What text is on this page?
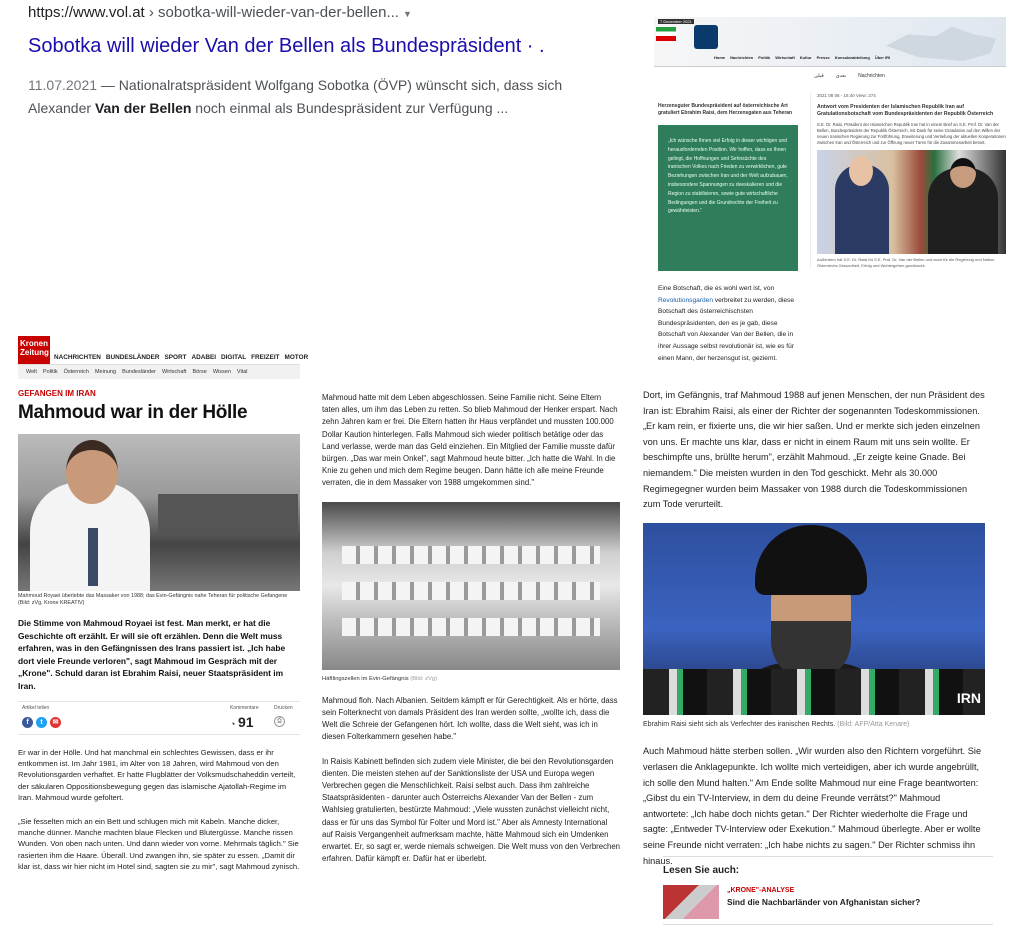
https://www.vol.at › sobotka-will-wieder-van-der-bellen... ▼
Sobotka will wieder Van der Bellen als Bundespräsident · .
11.07.2021 — Nationalratspräsident Wolfgang Sobotka (ÖVP) wünscht sich, dass sich Alexander Van der Bellen noch einmal als Bundespräsident zur Verfügung ...
7 December 2021
Home Nachrichten Politik Wirtschaft Kultur Presse Konsularabteilung Über IRI
قبلی بعدی Nachrichten
Herzensguter Bundespräsident auf österreichische Art gratuliert Ebrahim Raisi, dem Herzensgaten aus Teheran
„Ich wünsche Ihnen viel Erfolg in dieser wichtigen und herausfordernden Position. Wir hoffen, dass es Ihnen gelingt, die Hoffnungen und Sehnsüchte des iranischen Volkes nach Frieden zu verwirklichen, gute Beziehungen zwischen Iran und der Welt aufzubauen, insbesondere Spannungen zu deeskalieren und die Region zu stabilisieren, sowie gute wirtschaftliche Bedingungen und die Grundrechte der Freiheit zu gewährleisten.“
Eine Botschaft, die es wohl wert ist, von Revolutionsgarden verbreitet zu werden, diese Botschaft des österreichischsten Bundespräsidenten, den es je gab, diese Botschaft von Alexander Van der Bellen, die in ihrer Aussage selbst revolutionär ist, wie es für einen Mann, der herzensgut ist, geziemt.
2021 08 06 - 16:40 View: 274
Antwort vom Presidenten der Islamischen Republik Iran auf Gratulationsbotschaft vom Bundespräsidenten der Republik Österreich
S.E. Dr. Raisi, Präsident der Islamischen Republik Iran hat in einem Brief an S.E. Prof. Dr. Van der Bellen, Bundespräsident der Republik Österreich, mit Dank für seine Gratulation auf den Willen der neuen Iranischen Regierung zur Fortführung, Erweiterung und Vertiefung der aktuellen Kooperationen zwischen Iran und Österreich und zur Öffnung neuer Türen für die Zusammenarbeit betont.
Außerdem hat S.E. Dr. Raisi für S.E. Prof. Dr. Van der Bellen und auch für die Regierung und Nation Österreichs Gesundheit, Erfolg und Wohlergehen gewünscht.
Kronen Zeitung
NACHRICHTEN BUNDESLÄNDER SPORT ADABEI DIGITAL FREIZEIT MOTOR
Welt Politik Österreich Meinung Bundesländer Wirtschaft Börse Wissen Vital
GEFANGEN IM IRAN
Mahmoud war in der Hölle
Mahmoud Royaei überlebte das Massaker von 1988; das Evin-Gefängnis nahe Teheran für politische Gefangene (Bild: zVg, Krone KREATIV)
Die Stimme von Mahmoud Royaei ist fest. Man merkt, er hat die Geschichte oft erzählt. Er will sie oft erzählen. Denn die Welt muss erfahren, was in den Gefängnissen des Irans passiert ist. „Ich habe dort viele Freunde verloren", sagt Mahmoud im Gespräch mit der „Krone". Schuld daran ist Ebrahim Raisi, neuer Staatspräsident im Iran.
Artikel teilen
f t ✉
Kommentare
◔ 91
Drucken
⎙

Er war in der Hölle. Und hat manchmal ein schlechtes Gewissen, dass er ihr entkommen ist. Im Jahr 1981, im Alter von 18 Jahren, wird Mahmoud von den Revolutionsgarden verhaftet. Er hatte Flugblätter der Volksmudschaheddin verteilt, der säkularen Oppositionsbewegung gegen das islamische Ajatollah-Regime im Iran. Mahmoud wurde gefoltert.

„Sie fesselten mich an ein Bett und schlugen mich mit Kabeln. Manche dicker, manche dünner. Manche machten blaue Flecken und Blutergüsse. Manche rissen Wunden. Von oben nach unten. Und dann wieder von vorne. Mehrmals täglich." Sie rasierten ihm die Haare. Überall. Und zwangen ihn, sie später zu essen. „Damit dir klar ist, dass wir hier nicht im Hotel sind, sagten sie zu mir", sagt Mahmoud zynisch.

Mahmoud hatte mit dem Leben abgeschlossen. Seine Familie nicht. Seine Eltern taten alles, um ihm das Leben zu retten. So blieb Mahmoud der Henker erspart. Nach zehn Jahren kam er frei. Die Eltern hatten ihr Haus verpfändet und mussten 100.000 Dollar Kaution hinterlegen. Falls Mahmoud sich wieder politisch betätige oder das Land verlasse, werde man das Geld einziehen. Ein Mitglied der Familie musste dafür bürgen. „Das war mein Onkel", sagt Mahmoud heute bitter. „Ich hatte die Wahl. In die Knie zu gehen und mich dem Regime beugen. Dann hätte ich alle meine Freunde verraten, die in dem Massaker von 1988 umgekommen sind."

Häftlingszellen im Evin-Gefängnis (Bild: zVg)

Mahmoud floh. Nach Albanien. Seitdem kämpft er für Gerechtigkeit. Als er hörte, dass sein Folterknecht von damals Präsident des Iran werden sollte, „wollte ich, dass die Welt die Schreie der Gefangenen hört. Ich wollte, dass die Welt sieht, was ich in diesen Folterkammern gesehen habe."

In Raisis Kabinett befinden sich zudem viele Minister, die bei den Revolutionsgarden dienten. Die meisten stehen auf der Sanktionsliste der USA und Europa wegen Verbrechen gegen die Menschlichkeit. Raisi selbst auch. Dass ihm zahlreiche Staatspräsidenten - darunter auch Österreichs Alexander Van der Bellen - zum Wahlsieg gratulierten, bestürzte Mahmoud: „Viele wussten zunächst vielleicht nicht, dass er für uns das Symbol für Folter und Mord ist." Aber als Amnesty International auf Raisis Vergangenheit aufmerksam machte, hätte Mahmoud sich ein Umdenken erwartet. Er, so sagt er, werde niemals schweigen. Die Welt muss von den Verbrechen erfahren. Dafür kämpft er. Dafür hat er überlebt.

Dort, im Gefängnis, traf Mahmoud 1988 auf jenen Menschen, der nun Präsident des Iran ist: Ebrahim Raisi, als einer der Richter der sogenannten Todeskommissionen. „Er kam rein, er fixierte uns, die wir hier saßen. Und er merkte sich jeden einzelnen von uns. Er machte uns klar, dass er nicht in einem Raum mit uns sein wollte. Er beschimpfte uns, brüllte herum", erzählt Mahmoud. „Er zeigte keine Gnade. Bei niemandem." Die meisten wurden in den Tod geschickt. Mehr als 30.000 Regimegegner wurden beim Massaker von 1988 durch die Todeskommissionen zum Tode verurteilt.

IRN
Ebrahim Raisi sieht sich als Verfechter des iranischen Rechts. (Bild: AFP/Atta Kenare)

Auch Mahmoud hätte sterben sollen. „Wir wurden also den Richtern vorgeführt. Sie verlasen die Anklagepunkte. Ich wollte mich verteidigen, aber ich wurde angebrüllt, ich solle den Mund halten." Am Ende sollte Mahmoud nur eine Frage beantworten: „Gibst du ein TV-Interview, in dem du deine Freunde verrätst?" Mahmoud antwortete: „Ich habe doch nichts getan." Der Richter wiederholte die Frage und sagte: „Entweder TV-Interview oder Exekution." Mahmoud überlegte. Aber er wollte seine Freunde nicht verraten: „Ich habe nichts zu sagen." Der Richter schmiss ihn hinaus.

Lesen Sie auch:
„KRONE"-ANALYSE
Sind die Nachbarländer von Afghanistan sicher?
